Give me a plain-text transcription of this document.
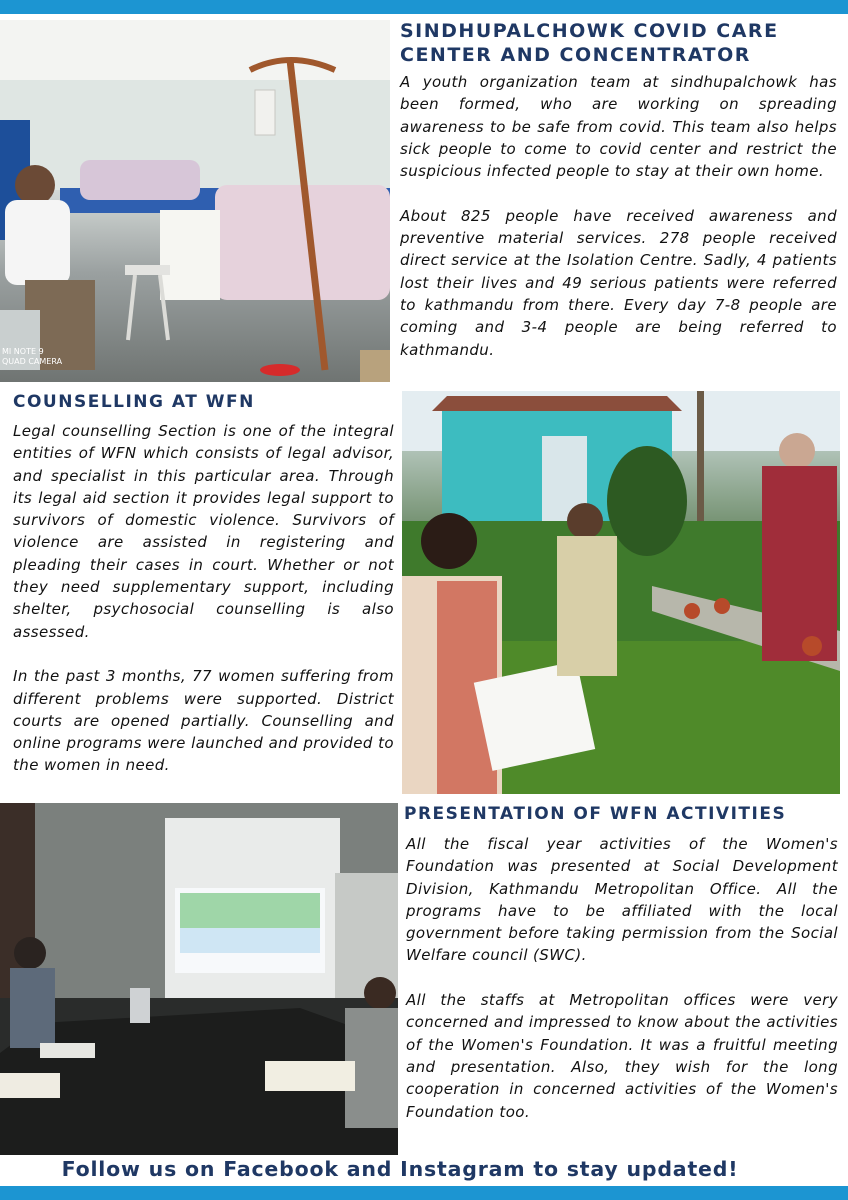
MI NOTE 9
QUAD CAMERA
SINDHUPALCHOWK COVID CARE CENTER AND CONCENTRATOR

A youth organization team at sindhupalchowk has been formed, who are working on spreading awareness to be safe from covid. This team also helps sick people to come to covid center and restrict the suspicious infected people to stay at their own home.

About 825 people have received awareness and preventive material services. 278 people received direct service at the Isolation Centre. Sadly, 4 patients lost their lives and 49 serious patients were referred to kathmandu from there. Every day 7-8 people are coming and 3-4 people are being referred to kathmandu.

COUNSELLING AT WFN

Legal counselling Section is one of the integral entities of WFN which consists of legal advisor, and specialist in this particular area. Through its legal aid section it provides legal support to survivors of domestic violence. Survivors of violence are assisted in registering and pleading their cases in court. Whether or not they need supplementary support, including shelter, psychosocial counselling is also assessed.

In the past 3 months, 77 women suffering from different problems were supported. District courts are opened partially. Counselling and online programs were launched and provided to the women in need.

PRESENTATION OF WFN ACTIVITIES

All the fiscal year activities of the Women's Foundation was presented at Social Development Division, Kathmandu Metropolitan Office. All the programs have to be affiliated with the local government before taking permission from the Social Welfare council (SWC).

All the staffs at Metropolitan offices were very concerned and impressed to know about the activities of the Women's Foundation. It was a fruitful meeting and presentation. Also, they wish for the long cooperation in concerned activities of the Women's Foundation too.

Follow us on Facebook and Instagram to stay updated!
